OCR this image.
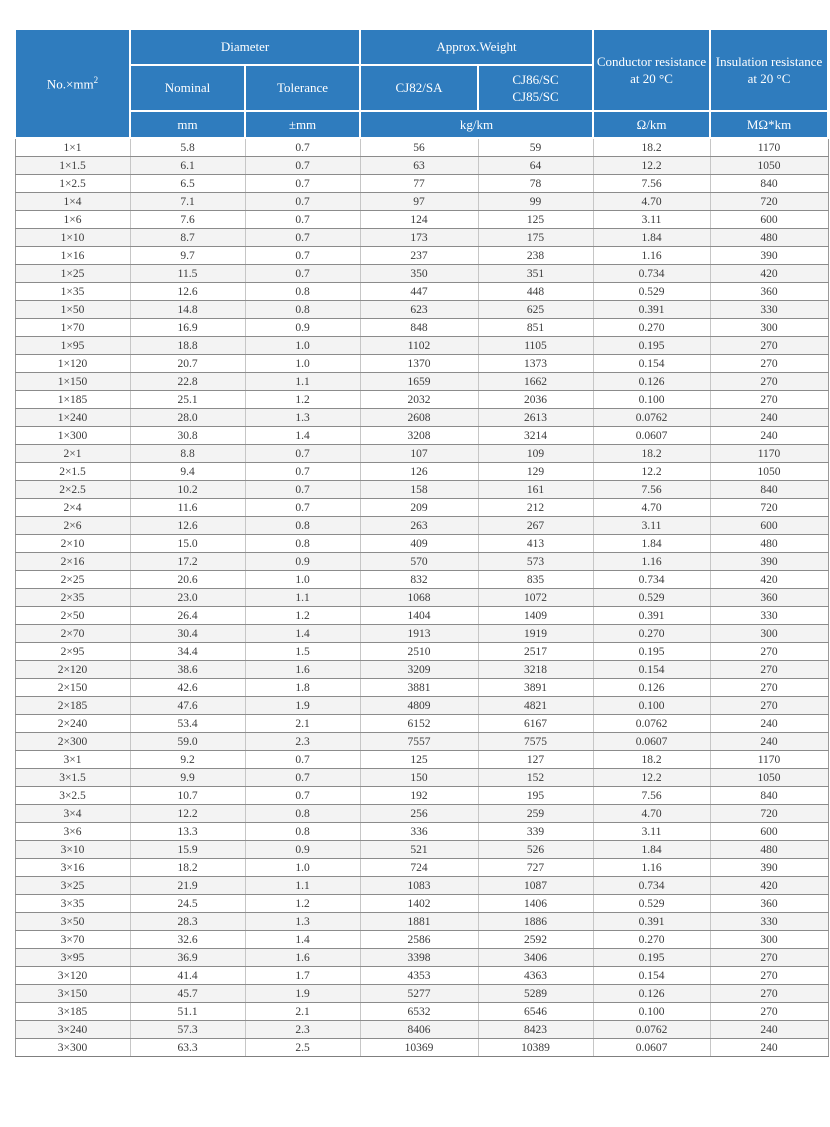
$No.\times mm^2$	Diameter		Approx.Weight		Conductor resistance at 20 °C	Insulation resistance at 20 °C
	Nominal	Tolerance	CJ82/SA	CJ86/SC
CJ85/SC		
	mm	±mm	kg/km		Ω/km	MΩ*km
1×1	5.8	0.7	56	59	18.2	1170
1×1.5	6.1	0.7	63	64	12.2	1050
1×2.5	6.5	0.7	77	78	7.56	840
1×4	7.1	0.7	97	99	4.70	720
1×6	7.6	0.7	124	125	3.11	600
1×10	8.7	0.7	173	175	1.84	480
1×16	9.7	0.7	237	238	1.16	390
1×25	11.5	0.7	350	351	0.734	420
1×35	12.6	0.8	447	448	0.529	360
1×50	14.8	0.8	623	625	0.391	330
1×70	16.9	0.9	848	851	0.270	300
1×95	18.8	1.0	1102	1105	0.195	270
1×120	20.7	1.0	1370	1373	0.154	270
1×150	22.8	1.1	1659	1662	0.126	270
1×185	25.1	1.2	2032	2036	0.100	270
1×240	28.0	1.3	2608	2613	0.0762	240
1×300	30.8	1.4	3208	3214	0.0607	240
2×1	8.8	0.7	107	109	18.2	1170
2×1.5	9.4	0.7	126	129	12.2	1050
2×2.5	10.2	0.7	158	161	7.56	840
2×4	11.6	0.7	209	212	4.70	720
2×6	12.6	0.8	263	267	3.11	600
2×10	15.0	0.8	409	413	1.84	480
2×16	17.2	0.9	570	573	1.16	390
2×25	20.6	1.0	832	835	0.734	420
2×35	23.0	1.1	1068	1072	0.529	360
2×50	26.4	1.2	1404	1409	0.391	330
2×70	30.4	1.4	1913	1919	0.270	300
2×95	34.4	1.5	2510	2517	0.195	270
2×120	38.6	1.6	3209	3218	0.154	270
2×150	42.6	1.8	3881	3891	0.126	270
2×185	47.6	1.9	4809	4821	0.100	270
2×240	53.4	2.1	6152	6167	0.0762	240
2×300	59.0	2.3	7557	7575	0.0607	240
3×1	9.2	0.7	125	127	18.2	1170
3×1.5	9.9	0.7	150	152	12.2	1050
3×2.5	10.7	0.7	192	195	7.56	840
3×4	12.2	0.8	256	259	4.70	720
3×6	13.3	0.8	336	339	3.11	600
3×10	15.9	0.9	521	526	1.84	480
3×16	18.2	1.0	724	727	1.16	390
3×25	21.9	1.1	1083	1087	0.734	420
3×35	24.5	1.2	1402	1406	0.529	360
3×50	28.3	1.3	1881	1886	0.391	330
3×70	32.6	1.4	2586	2592	0.270	300
3×95	36.9	1.6	3398	3406	0.195	270
3×120	41.4	1.7	4353	4363	0.154	270
3×150	45.7	1.9	5277	5289	0.126	270
3×185	51.1	2.1	6532	6546	0.100	270
3×240	57.3	2.3	8406	8423	0.0762	240
3×300	63.3	2.5	10369	10389	0.0607	240
